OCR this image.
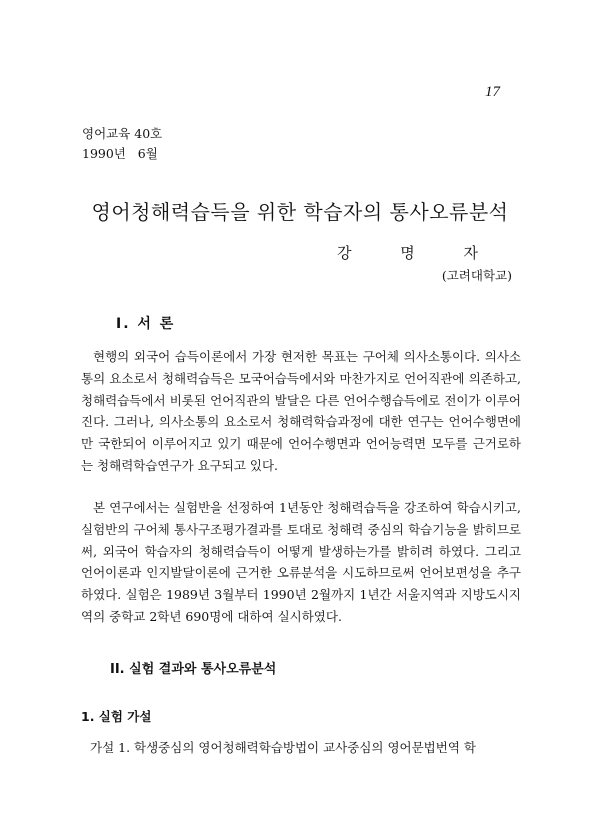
17
영어교육 40호
1990년   6월
영어청해력습득을 위한 학습자의 통사오류분석
강 명 자
(고려대학교)
I. 서 론

현행의 외국어 습득이론에서 가장 현저한 목표는 구어체 의사소통이다. 의사소통의 요소로서 청해력습득은 모국어습득에서와 마찬가지로 언어직관에 의존하고, 청해력습득에서 비롯된 언어직관의 발달은 다른 언어수행습득에로 전이가 이루어진다. 그러나, 의사소통의 요소로서 청해력학습과정에 대한 연구는 언어수행면에만 국한되어 이루어지고 있기 때문에 언어수행면과 언어능력면 모두를 근거로하는 청해력학습연구가 요구되고 있다.

본 연구에서는 실험반을 선정하여 1년동안 청해력습득을 강조하여 학습시키고, 실험반의 구어체 통사구조평가결과를 토대로 청해력 중심의 학습기능을 밝히므로써, 외국어 학습자의 청해력습득이 어떻게 발생하는가를 밝히려 하였다. 그리고 언어이론과 인지발달이론에 근거한 오류분석을 시도하므로써 언어보편성을 추구하였다. 실험은 1989년 3월부터 1990년 2월까지 1년간 서울지역과 지방도시지역의 중학교 2학년 690명에 대하여 실시하였다.

II. 실험 결과와 통사오류분석
1. 실험 가설
가설 1. 학생중심의 영어청해력학습방법이 교사중심의 영어문법번역 학
